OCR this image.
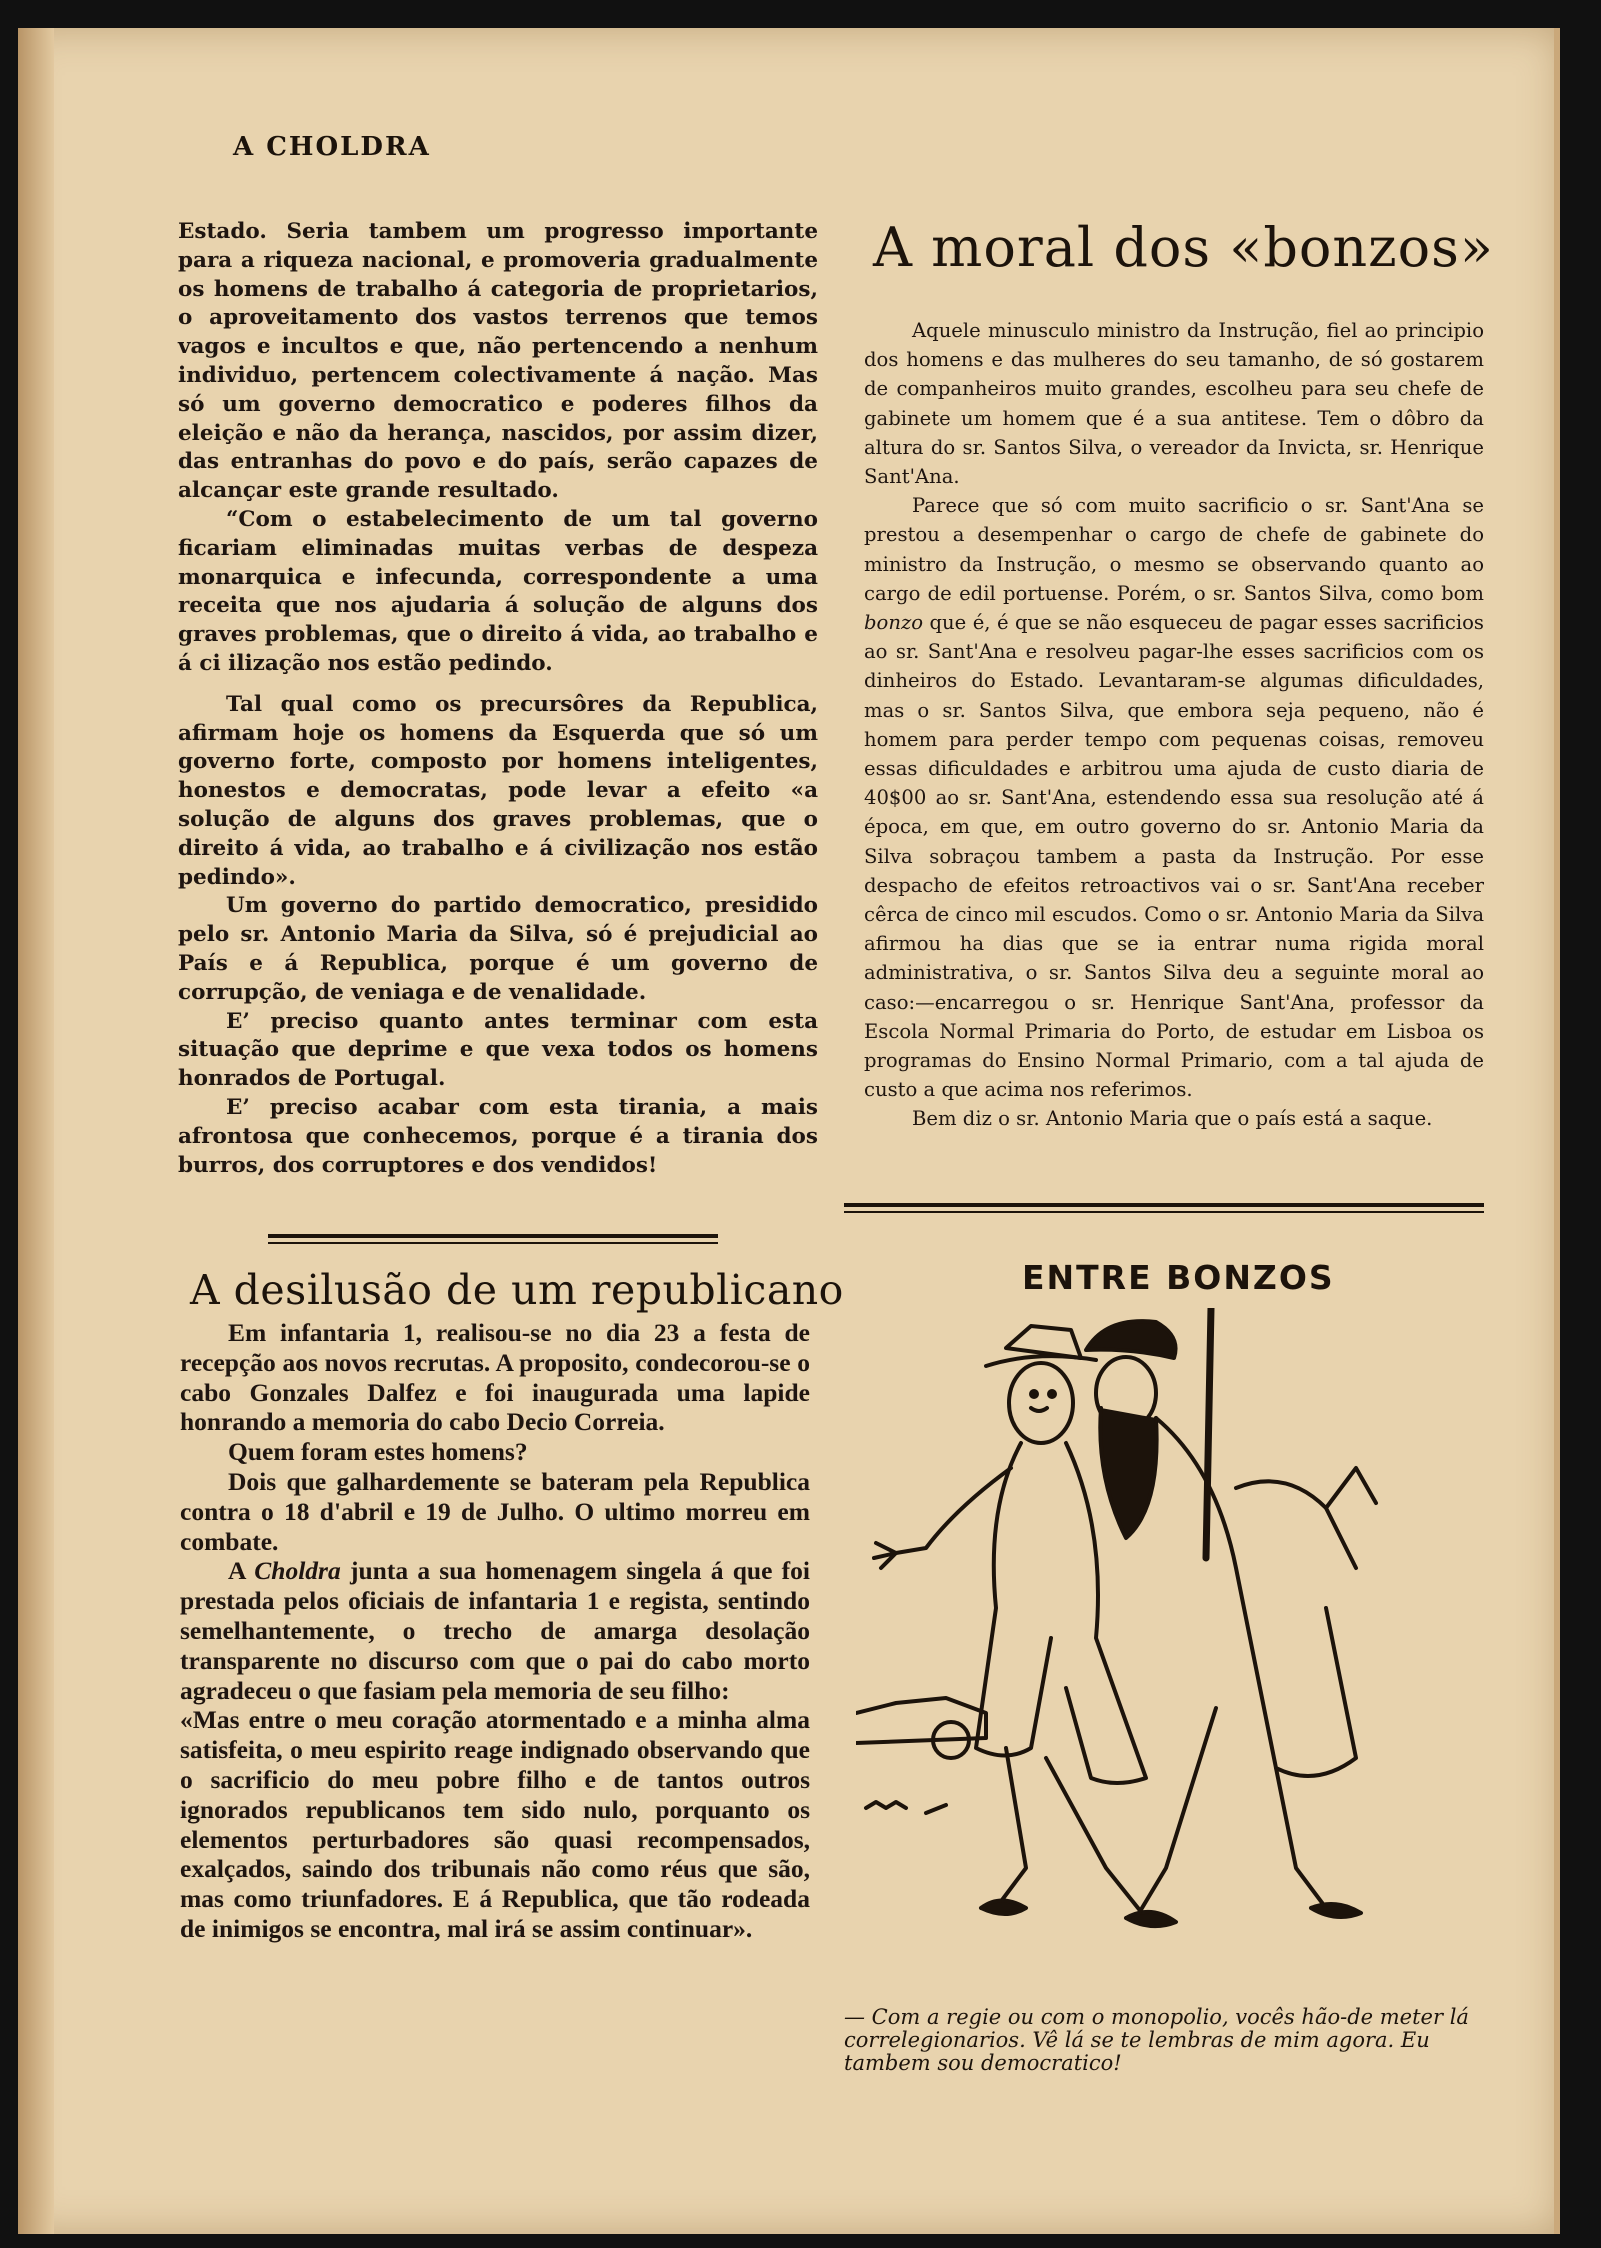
A CHOLDRA

Estado. Seria tambem um progresso importante para a riqueza nacional, e promoveria gradualmente os homens de trabalho á categoria de proprietarios, o aproveitamento dos vastos terrenos que temos vagos e incultos e que, não pertencendo a nenhum individuo, pertencem colectivamente á nação. Mas só um governo democratico e poderes filhos da eleição e não da herança, nascidos, por assim dizer, das entranhas do povo e do país, serão capazes de alcançar este grande resultado.

“Com o estabelecimento de um tal governo ficariam eliminadas muitas verbas de despeza monarquica e infecunda, correspondente a uma receita que nos ajudaria á solução de alguns dos graves problemas, que o direito á vida, ao trabalho e á ci ilização nos estão pedindo.

Tal qual como os precursôres da Republica, afirmam hoje os homens da Esquerda que só um governo forte, composto por homens inteligentes, honestos e democratas, pode levar a efeito «a solução de alguns dos graves problemas, que o direito á vida, ao trabalho e á civilização nos estão pedindo».

Um governo do partido democratico, presidido pelo sr. Antonio Maria da Silva, só é prejudicial ao País e á Republica, porque é um governo de corrupção, de veniaga e de venalidade.

E’ preciso quanto antes terminar com esta situação que deprime e que vexa todos os homens honrados de Portugal.

E’ preciso acabar com esta tirania, a mais afrontosa que conhecemos, porque é a tirania dos burros, dos corruptores e dos vendidos!

A desilusão de um republicano

Em infantaria 1, realisou-se no dia 23 a festa de recepção aos novos recrutas. A proposito, condecorou-se o cabo Gonzales Dalfez e foi inaugurada uma lapide honrando a memoria do cabo Decio Correia.

Quem foram estes homens?

Dois que galhardemente se bateram pela Republica contra o 18 d'abril e 19 de Julho. O ultimo morreu em combate.

A Choldra junta a sua homenagem singela á que foi prestada pelos oficiais de infantaria 1 e regista, sentindo semelhantemente, o trecho de amarga desolação transparente no discurso com que o pai do cabo morto agradeceu o que fasiam pela memoria de seu filho:

«Mas entre o meu coração atormentado e a minha alma satisfeita, o meu espirito reage indignado observando que o sacrificio do meu pobre filho e de tantos outros ignorados republicanos tem sido nulo, porquanto os elementos perturbadores são quasi recompensados, exalçados, saindo dos tribunais não como réus que são, mas como triunfadores. E á Republica, que tão rodeada de inimigos se encontra, mal irá se assim continuar».

A moral dos «bonzos»

Aquele minusculo ministro da Instrução, fiel ao principio dos homens e das mulheres do seu tamanho, de só gostarem de companheiros muito grandes, escolheu para seu chefe de gabinete um homem que é a sua antitese. Tem o dôbro da altura do sr. Santos Silva, o vereador da Invicta, sr. Henrique Sant'Ana.

Parece que só com muito sacrificio o sr. Sant'Ana se prestou a desempenhar o cargo de chefe de gabinete do ministro da Instrução, o mesmo se observando quanto ao cargo de edil portuense. Porém, o sr. Santos Silva, como bom bonzo que é, é que se não esqueceu de pagar esses sacrificios ao sr. Sant'Ana e resolveu pagar-lhe esses sacrificios com os dinheiros do Estado. Levantaram-se algumas dificuldades, mas o sr. Santos Silva, que embora seja pequeno, não é homem para perder tempo com pequenas coisas, removeu essas dificuldades e arbitrou uma ajuda de custo diaria de 40$00 ao sr. Sant'Ana, estendendo essa sua resolução até á época, em que, em outro governo do sr. Antonio Maria da Silva sobraçou tambem a pasta da Instrução. Por esse despacho de efeitos retroactivos vai o sr. Sant'Ana receber cêrca de cinco mil escudos. Como o sr. Antonio Maria da Silva afirmou ha dias que se ia entrar numa rigida moral administrativa, o sr. Santos Silva deu a seguinte moral ao caso:—encarregou o sr. Henrique Sant'Ana, professor da Escola Normal Primaria do Porto, de estudar em Lisboa os programas do Ensino Normal Primario, com a tal ajuda de custo a que acima nos referimos.

Bem diz o sr. Antonio Maria que o país está a saque.

ENTRE BONZOS
— Com a regie ou com o monopolio, vocês hão-de meter lá correlegionarios. Vê lá se te lembras de mim agora. Eu tambem sou democratico!
